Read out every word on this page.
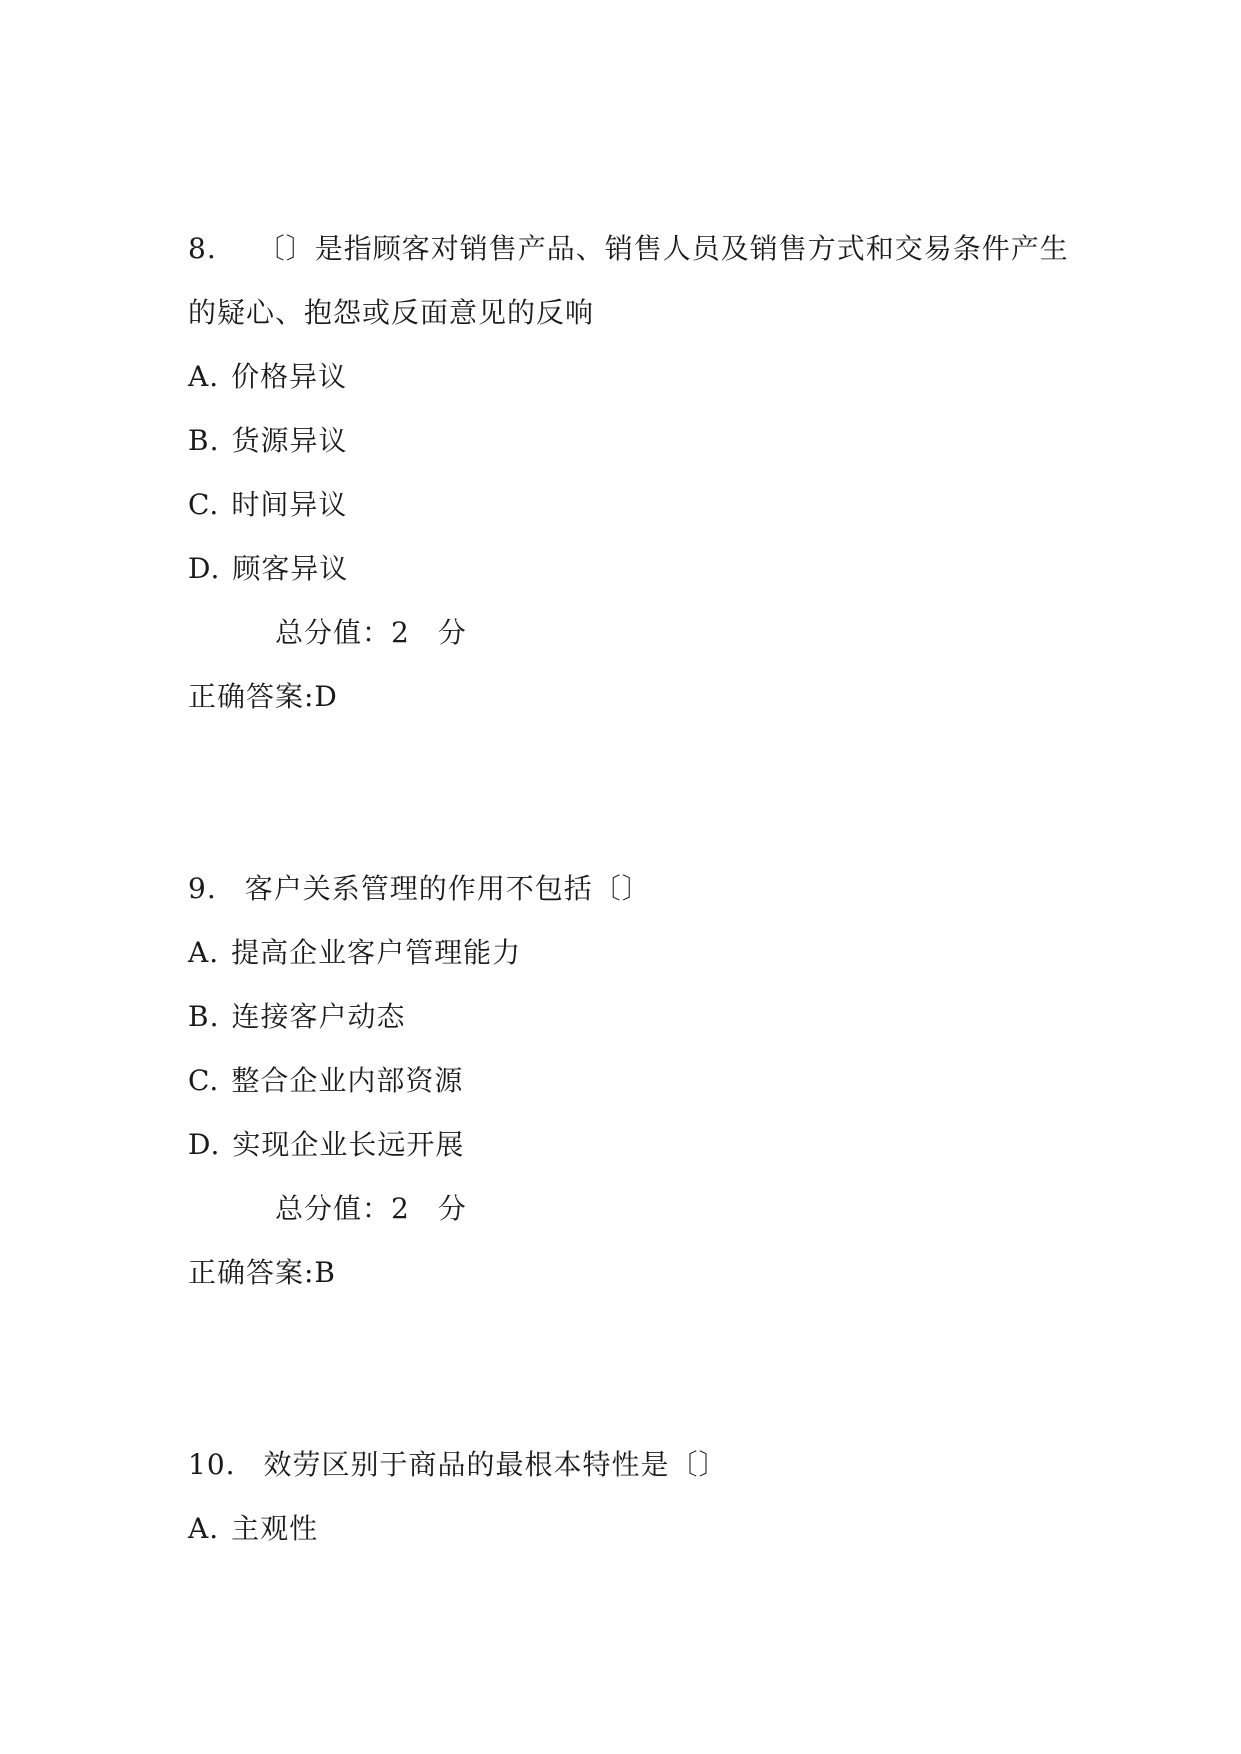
8. 〔〕是指顾客对销售产品、销售人员及销售方式和交易条件产生
的疑心、抱怨或反面意见的反响
A. 价格异议
B. 货源异议
C. 时间异议
D. 顾客异议
总分值：2 分
正确答案:D
9. 客户关系管理的作用不包括〔〕
A. 提高企业客户管理能力
B. 连接客户动态
C. 整合企业内部资源
D. 实现企业长远开展
总分值：2 分
正确答案:B
10. 效劳区别于商品的最根本特性是〔〕
A. 主观性
